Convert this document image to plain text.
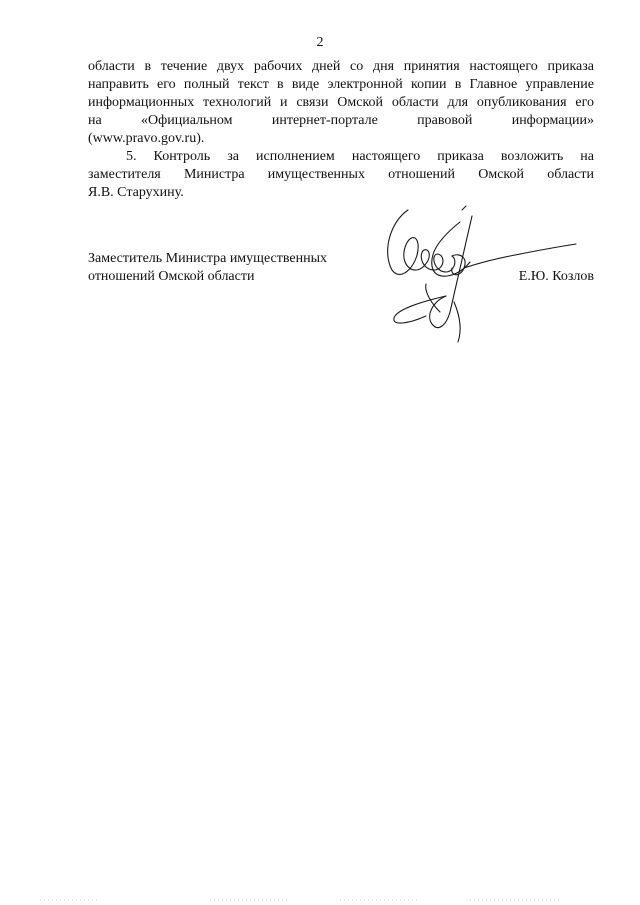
2

области в течение двух рабочих дней со дня принятия настоящего приказа
направить его полный текст в виде электронной копии в Главное управление
информационных технологий и связи Омской области для опубликования его
на «Официальном интернет-портале правовой информации»
(www.pravo.gov.ru).

5. Контроль за исполнением настоящего приказа возложить на
заместителя Министра имущественных отношений Омской области
Я.В. Старухину.

Заместитель Министра имущественных
отношений Омской области	Е.Ю. Козлов
